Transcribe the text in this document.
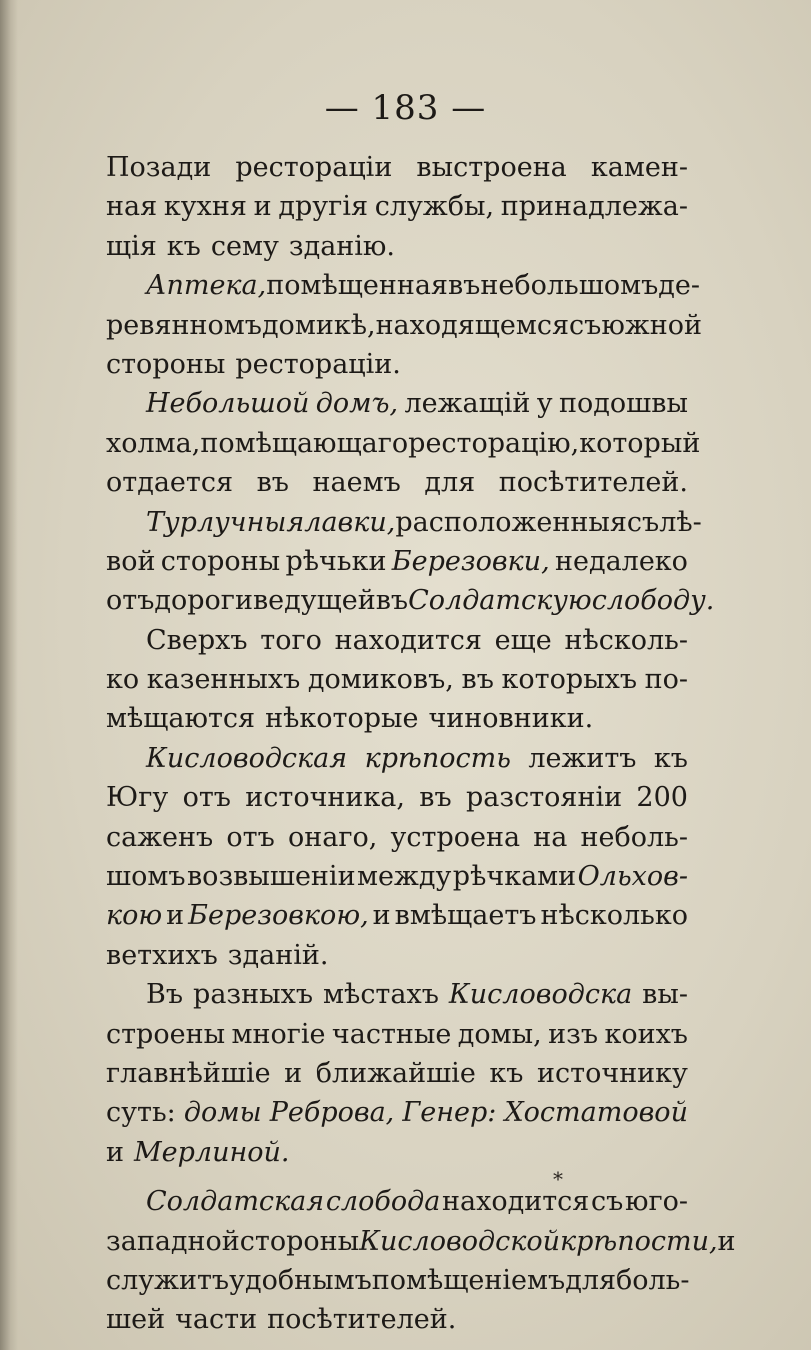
— 183 —
Позади рестораціи выстроена камен-
ная кухня и другія службы, принадлежа-
щія къ сему зданію.
Аптека, помѣщенная въ небольшомъ де-
ревянномъ домикѣ, находящемся съ южной
стороны рестораціи.
Небольшой домъ, лежащій у подошвы
холма, помѣщающаго ресторацію, который
отдается въ наемъ для посѣтителей.
Турлучныя лавки, расположенныя съ лѣ-
вой стороны рѣчьки Березовки, недалеко
отъ дороги ведущей въ Солдатскую слободу.
Сверхъ того находится еще нѣсколь-
ко казенныхъ домиковъ, въ которыхъ по-
мѣщаются нѣкоторые чиновники.
Кисловодская крѣпость лежитъ къ
Югу отъ источника, въ разстояніи 200
саженъ отъ онаго, устроена на неболь-
шомъ возвышеніи между рѣчками Ольхов-
кою и Березовкою, и вмѣщаетъ нѣсколько
ветхихъ зданій.
Въ разныхъ мѣстахъ Кисловодска вы-
строены многіе частные домы, изъ коихъ
главнѣйшіе и ближайшіе къ источнику
суть: домы Реброва, Генер: Хостатовой
и Мерлиной.
Солдатская слобода находится съ юго-
западной стороны Кисловодской крѣпости, и
служитъ удобнымъ помѣщеніемъ для боль-
шей части посѣтителей.
*
